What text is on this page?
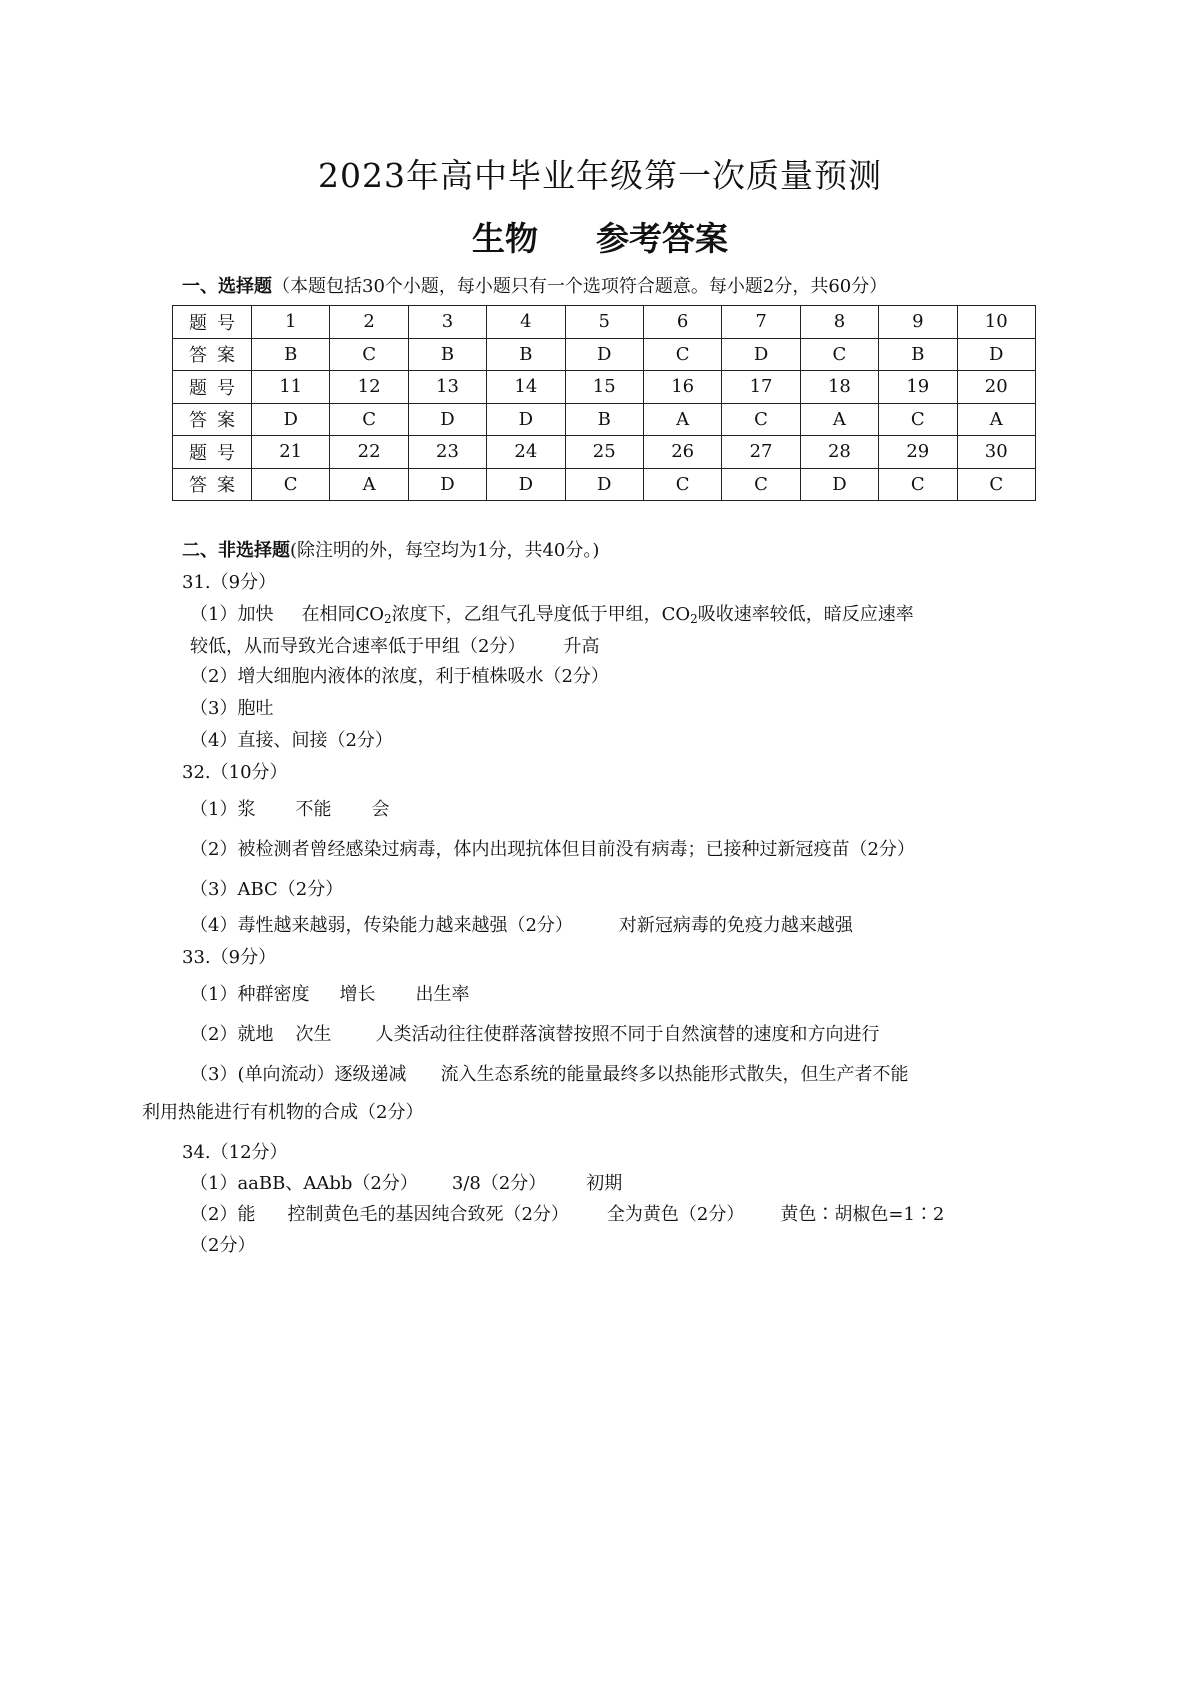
2023年高中毕业年级第一次质量预测
生物 参考答案
一、选择题（本题包括30个小题，每小题只有一个选项符合题意。每小题2分，共60分）
题号	1	2	3	4	5	6	7	8	9	10
答案	B	C	B	B	D	C	D	C	B	D
题号	11	12	13	14	15	16	17	18	19	20
答案	D	C	D	D	B	A	C	A	C	A
题号	21	22	23	24	25	26	27	28	29	30
答案	C	A	D	D	D	C	C	D	C	C
二、非选择题(除注明的外，每空均为1分，共40分。)
31.（9分）
（1）加快 在相同$CO_2$浓度下，乙组气孔导度低于甲组，$CO_2$吸收速率较低，暗反应速率
较低，从而导致光合速率低于甲组（2分） 升高
（2）增大细胞内液体的浓度，利于植株吸水（2分）
（3）胞吐
（4）直接、间接（2分）
32.（10分）
（1）浆 不能 会
（2）被检测者曾经感染过病毒，体内出现抗体但目前没有病毒；已接种过新冠疫苗（2分）
（3）ABC（2分）
（4）毒性越来越弱，传染能力越来越强（2分）	对新冠病毒的免疫力越来越强
33.（9分）
（1）种群密度 增长 出生率
（2）就地 次生 人类活动往往使群落演替按照不同于自然演替的速度和方向进行
（3）(单向流动）逐级递减 流入生态系统的能量最终多以热能形式散失，但生产者不能
利用热能进行有机物的合成（2分）
34.（12分）
（1）aaBB、AAbb（2分） 3/8（2分） 初期
（2）能 控制黄色毛的基因纯合致死（2分） 全为黄色（2分） 黄色∶胡椒色=1∶2
（2分）
